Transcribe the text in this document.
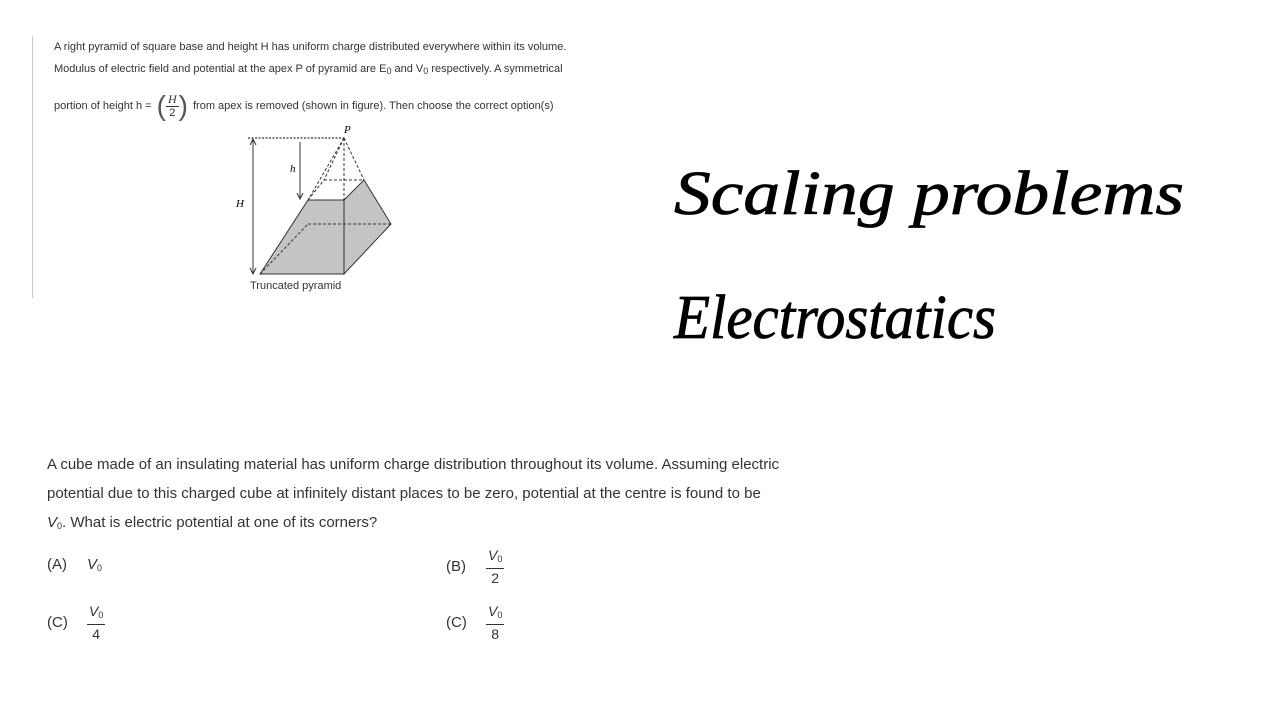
A right pyramid of square base and height H has uniform charge distributed everywhere within its volume.
Modulus of electric field and potential at the apex P of pyramid are $E_0$ and $V_0$ respectively. A symmetrical
portion of height h = ( $\frac{H}{2}$ ) from apex is removed (shown in figure). Then choose the correct option(s)
P
H
h
Truncated pyramid
Scaling problems
Electrostatics
A cube made of an insulating material has uniform charge distribution throughout its volume. Assuming electric
potential due to this charged cube at infinitely distant places to be zero, potential at the centre is found to be
$V_0$. What is electric potential at one of its corners?
(A)	$V_0$	(B)	$\frac{V_0}{2}$
(C)	$\frac{V_0}{4}$	(C)	$\frac{V_0}{8}$
